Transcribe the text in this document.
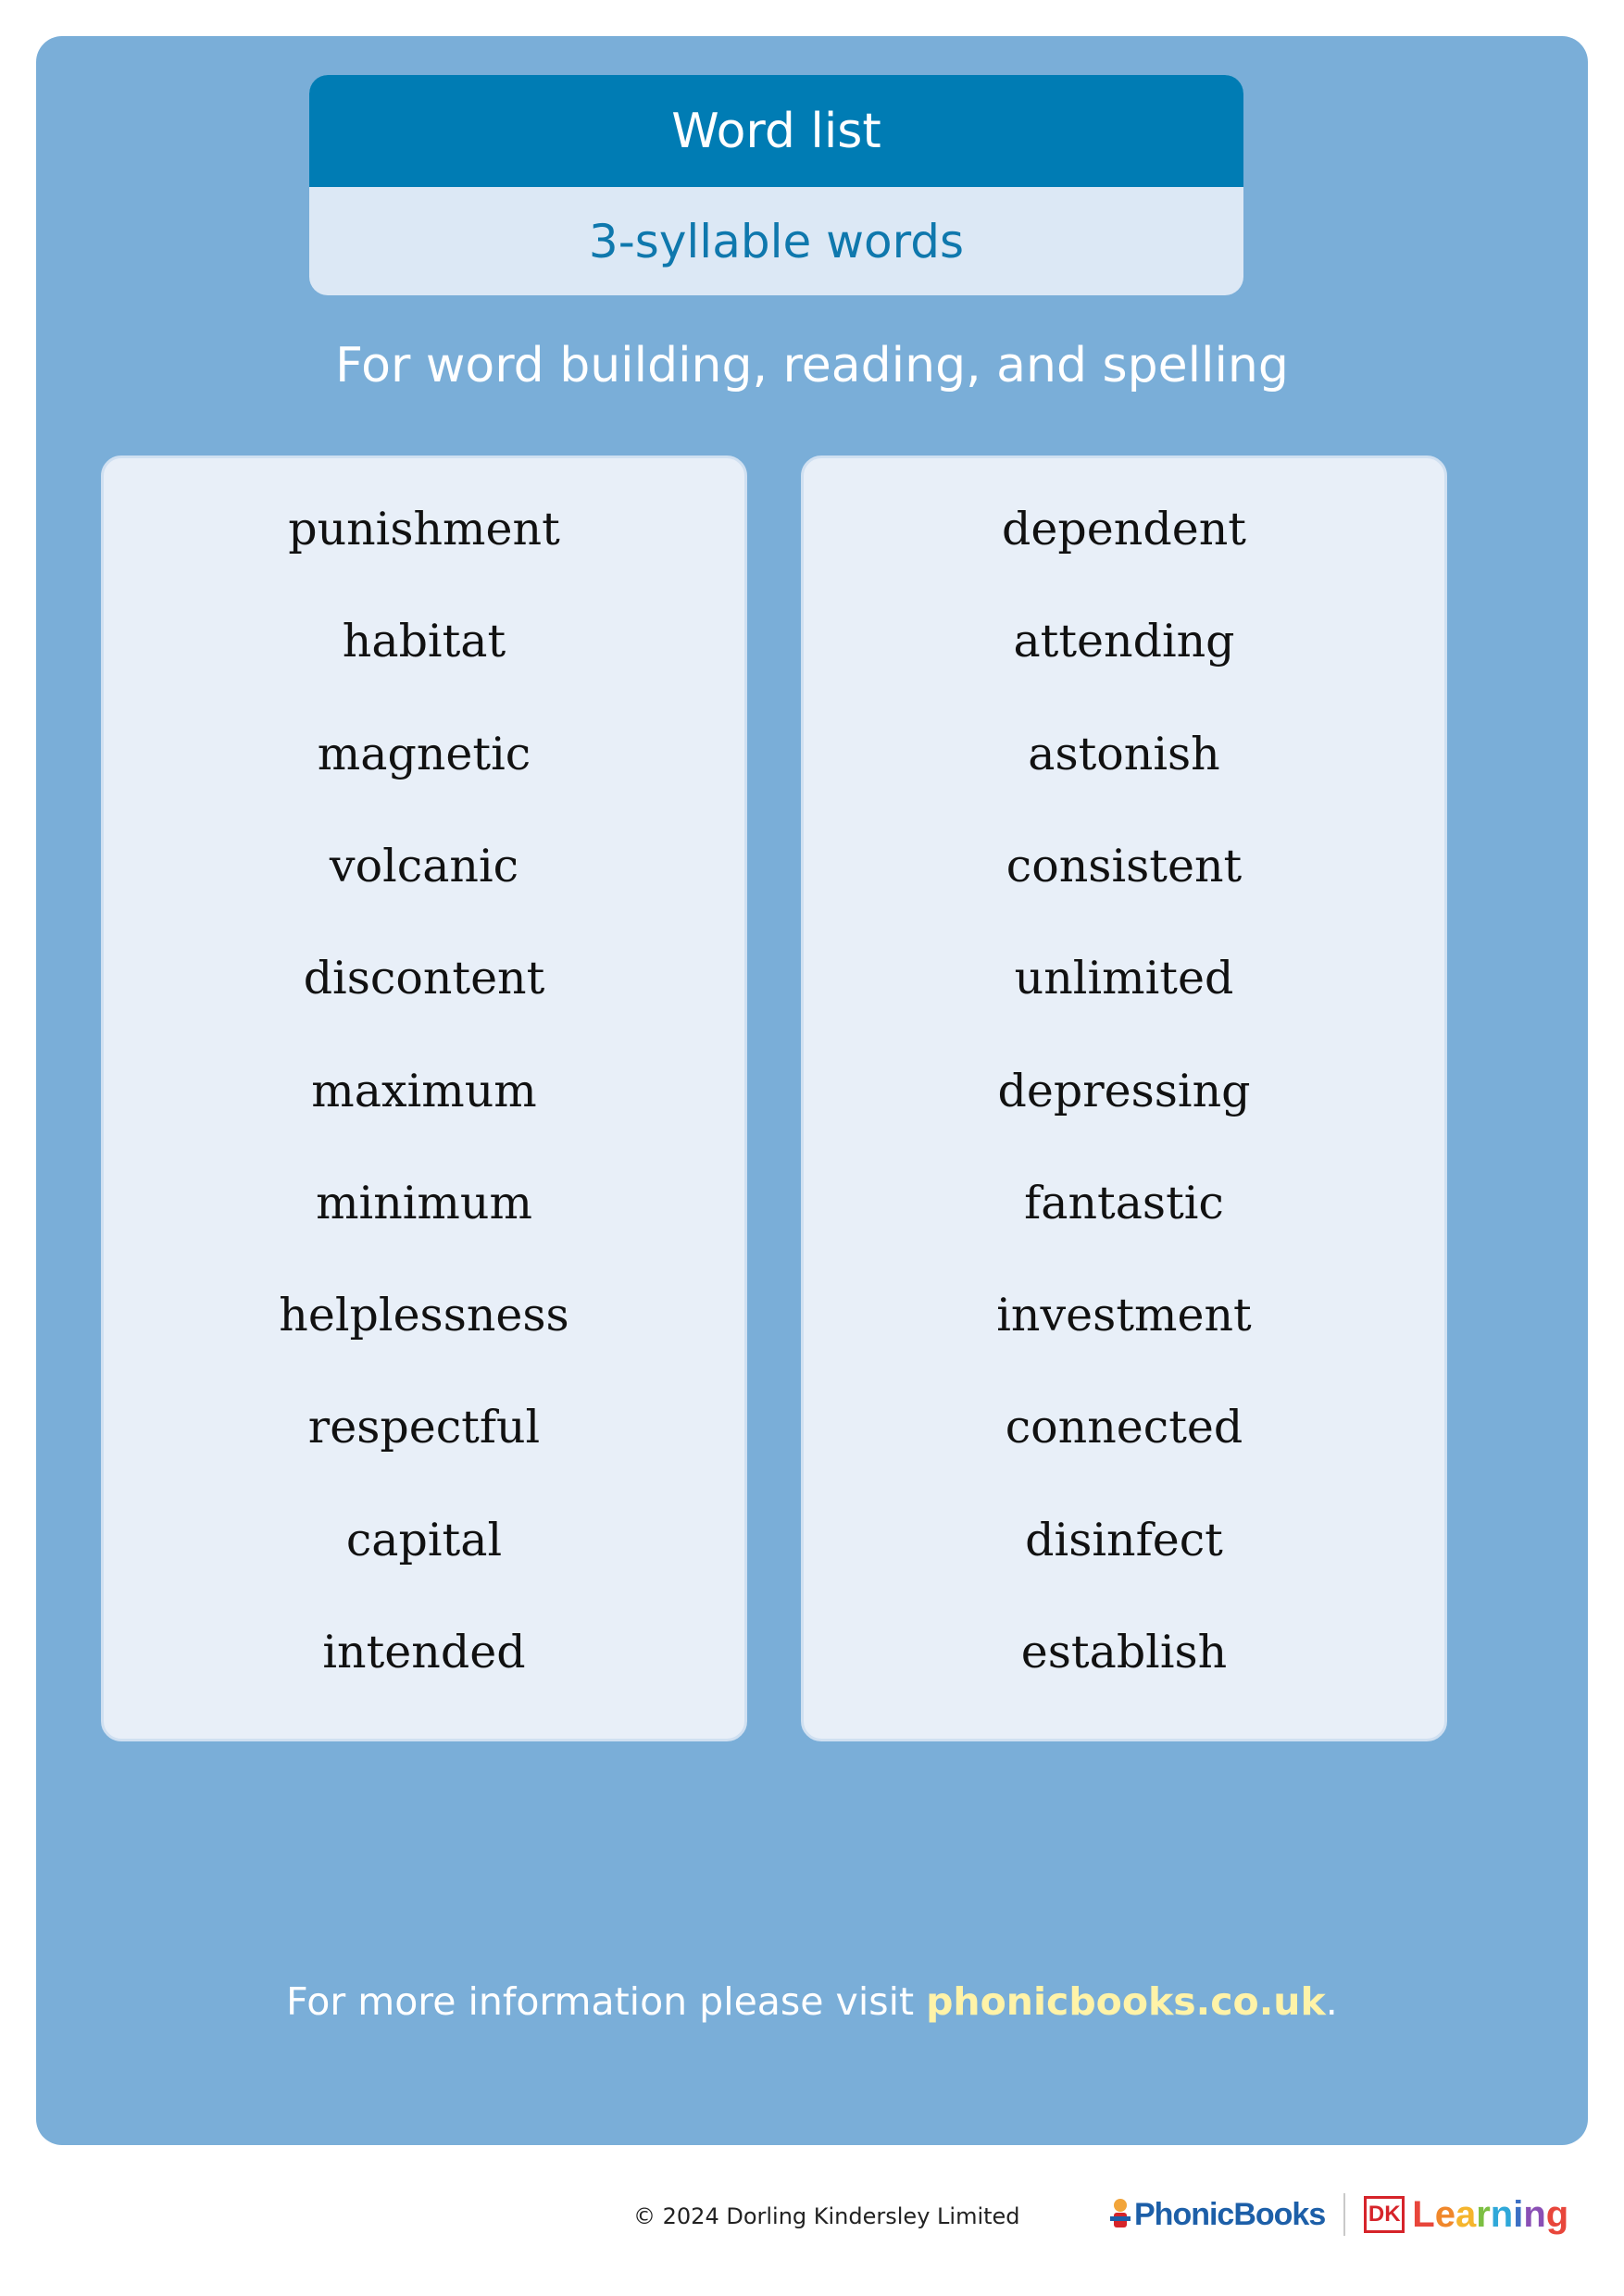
Word list
3-syllable words
For word building, reading, and spelling
punishment
habitat
magnetic
volcanic
discontent
maximum
minimum
helplessness
respectful
capital
intended
dependent
attending
astonish
consistent
unlimited
depressing
fantastic
investment
connected
disinfect
establish
For more information please visit phonicbooks.co.uk.
© 2024 Dorling Kindersley Limited	PhonicBooks DK L e a r n i n g
